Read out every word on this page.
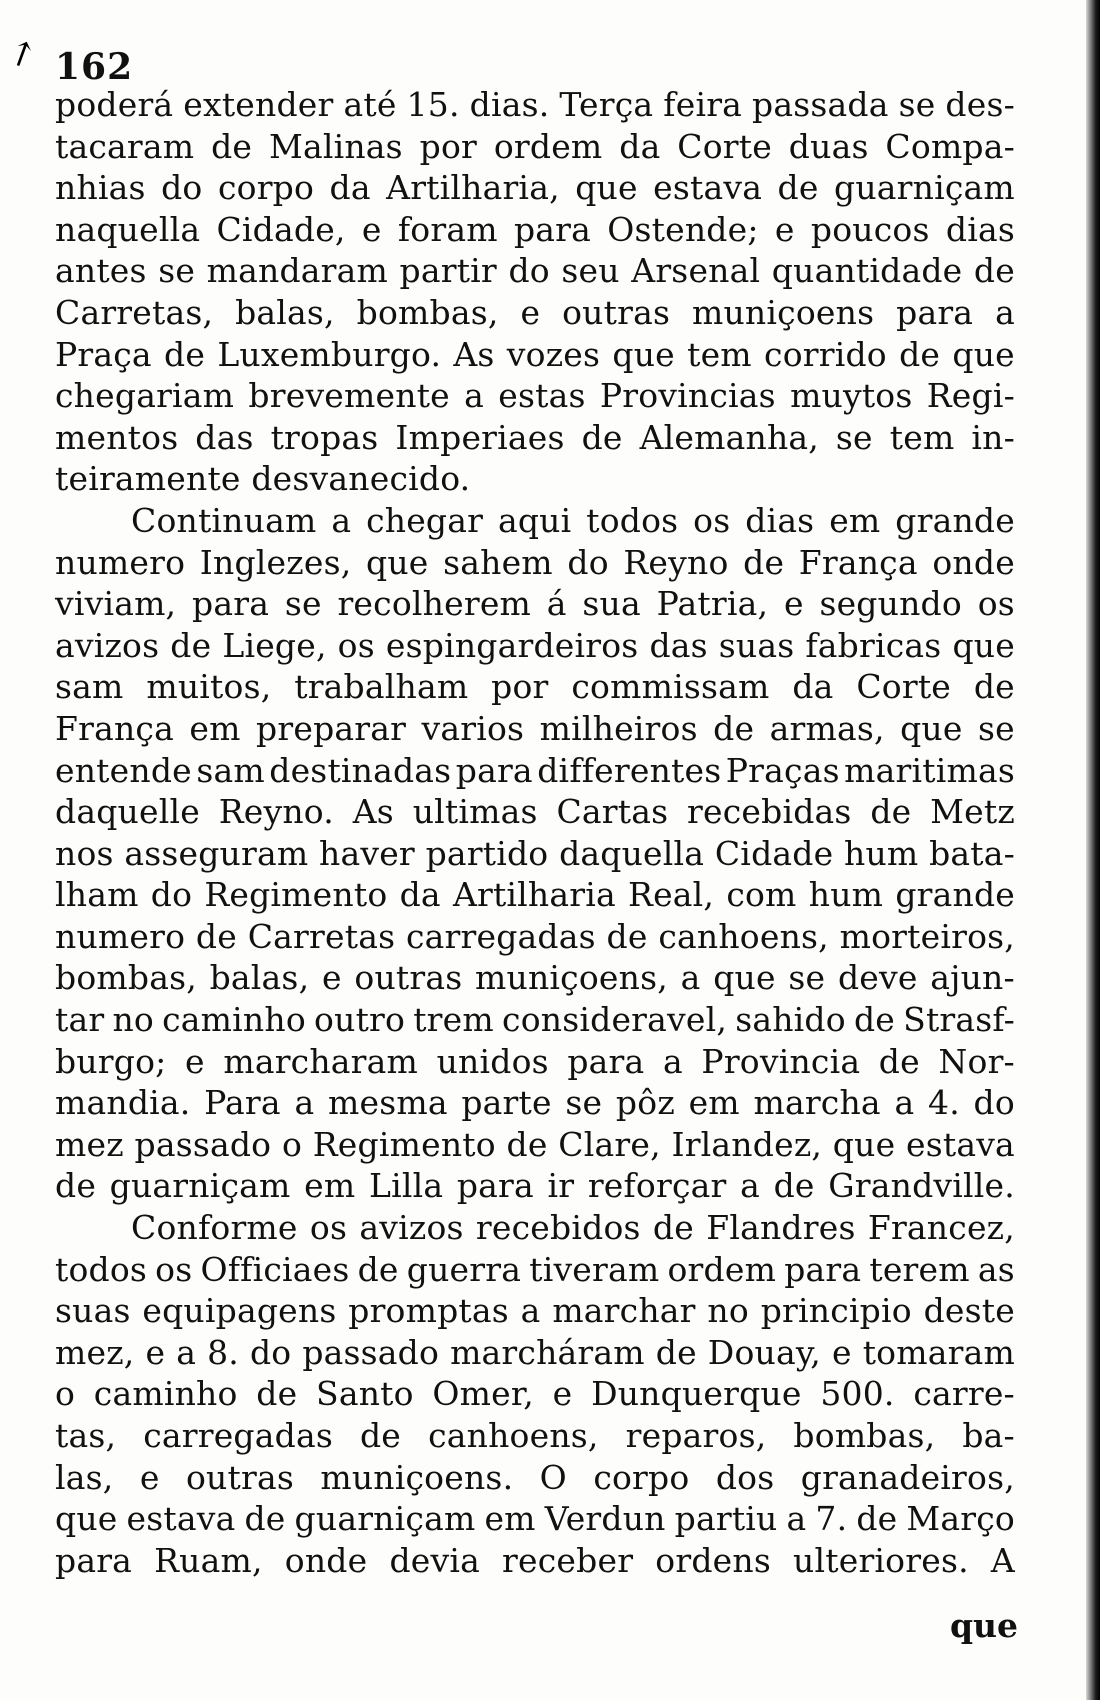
↗ 162
poderá extender até 15. dias. Terça feira passada se des-
tacaram de Malinas por ordem da Corte duas Compa-
nhias do corpo da Artilharia, que estava de guarniçam
naquella Cidade, e foram para Ostende; e poucos dias
antes se mandaram partir do seu Arsenal quantidade de
Carretas, balas, bombas, e outras muniçoens para a
Praça de Luxemburgo. As vozes que tem corrido de que
chegariam brevemente a estas Provincias muytos Regi-
mentos das tropas Imperiaes de Alemanha, se tem in-
teiramente desvanecido.
Continuam a chegar aqui todos os dias em grande
numero Inglezes, que sahem do Reyno de França onde
viviam, para se recolherem á sua Patria, e segundo os
avizos de Liege, os espingardeiros das suas fabricas que
sam muitos, trabalham por commissam da Corte de
França em preparar varios milheiros de armas, que se
entende sam destinadas para differentes Praças maritimas
daquelle Reyno. As ultimas Cartas recebidas de Metz
nos asseguram haver partido daquella Cidade hum bata-
lham do Regimento da Artilharia Real, com hum grande
numero de Carretas carregadas de canhoens, morteiros,
bombas, balas, e outras muniçoens, a que se deve ajun-
tar no caminho outro trem consideravel, sahido de Strasf-
burgo; e marcharam unidos para a Provincia de Nor-
mandia. Para a mesma parte se pôz em marcha a 4. do
mez passado o Regimento de Clare, Irlandez, que estava
de guarniçam em Lilla para ir reforçar a de Grandville.
Conforme os avizos recebidos de Flandres Francez,
todos os Officiaes de guerra tiveram ordem para terem as
suas equipagens promptas a marchar no principio deste
mez, e a 8. do passado marcháram de Douay, e tomaram
o caminho de Santo Omer, e Dunquerque 500. carre-
tas, carregadas de canhoens, reparos, bombas, ba-
las, e outras muniçoens. O corpo dos granadeiros,
que estava de guarniçam em Verdun partiu a 7. de Março
para Ruam, onde devia receber ordens ulteriores. A
que
